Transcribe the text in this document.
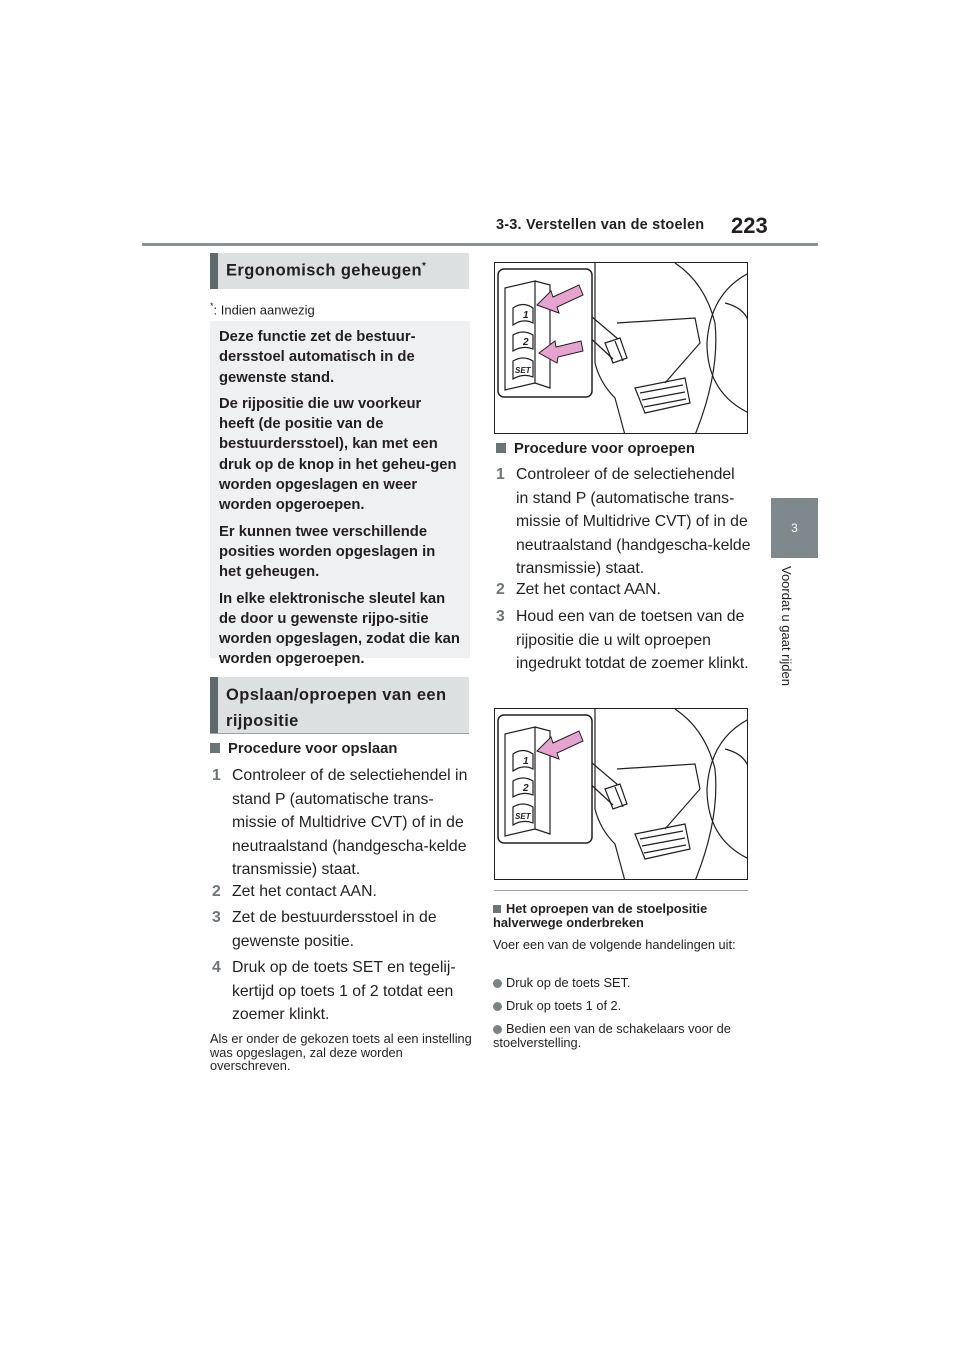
3-3. Verstellen van de stoelen 223
3
Voordat u gaat rijden
Ergonomisch geheugen*
*: Indien aanwezig

Deze functie zet de bestuur-dersstoel automatisch in de gewenste stand.

De rijpositie die uw voorkeur heeft (de positie van de bestuurdersstoel), kan met een druk op de knop in het geheu-gen worden opgeslagen en weer worden opgeroepen.

Er kunnen twee verschillende posities worden opgeslagen in het geheugen.

In elke elektronische sleutel kan de door u gewenste rijpo-sitie worden opgeslagen, zodat die kan worden opgeroepen.

Opslaan/oproepen van een rijpositie
Procedure voor opslaan
1 Controleer of de selectiehendel in stand P (automatische trans-missie of Multidrive CVT) of in de neutraalstand (handgescha-kelde transmissie) staat.
2 Zet het contact AAN.
3 Zet de bestuurdersstoel in de gewenste positie.
4 Druk op de toets SET en tegelij-kertijd op toets 1 of 2 totdat een zoemer klinkt.
Als er onder de gekozen toets al een instelling was opgeslagen, zal deze worden overschreven.
1
2
SET
Procedure voor oproepen
1 Controleer of de selectiehendel in stand P (automatische trans-missie of Multidrive CVT) of in de neutraalstand (handgescha-kelde transmissie) staat.
2 Zet het contact AAN.
3 Houd een van de toetsen van de rijpositie die u wilt oproepen ingedrukt totdat de zoemer klinkt.
1
2
SET
Het oproepen van de stoelpositie halverwege onderbreken
Voer een van de volgende handelingen uit:
Druk op de toets SET.
Druk op toets 1 of 2.
Bedien een van de schakelaars voor de stoelverstelling.
